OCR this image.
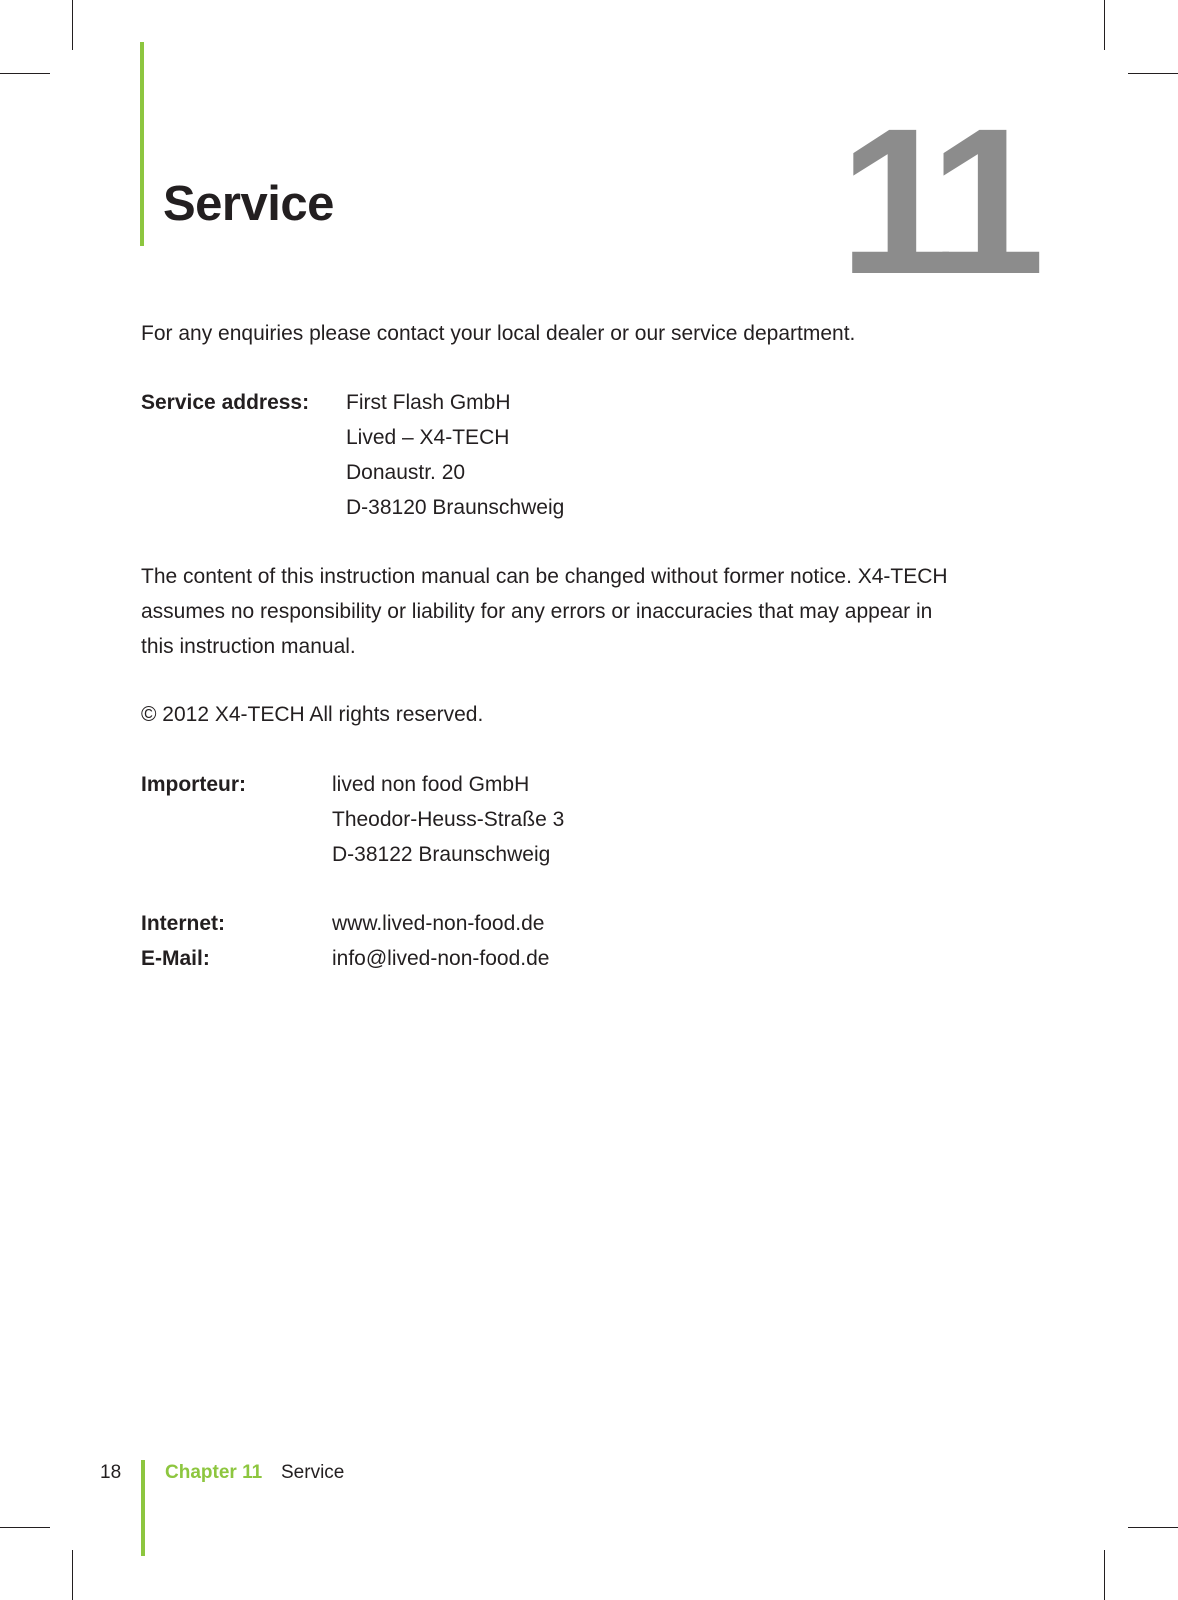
Service 11
For any enquiries please contact your local dealer or our service department.
Service address: First Flash GmbH
Lived – X4-TECH
Donaustr. 20
D-38120 Braunschweig
The content of this instruction manual can be changed without former notice. X4-TECH
assumes no responsibility or liability for any errors or inaccuracies that may appear in
this instruction manual.
© 2012 X4-TECH All rights reserved.
Importeur:	lived non food GmbH
Theodor-Heuss-Straße 3
D-38122 Braunschweig
Internet:	www.lived-non-food.de
E-Mail:	info@lived-non-food.de
18 Chapter 11 Service
